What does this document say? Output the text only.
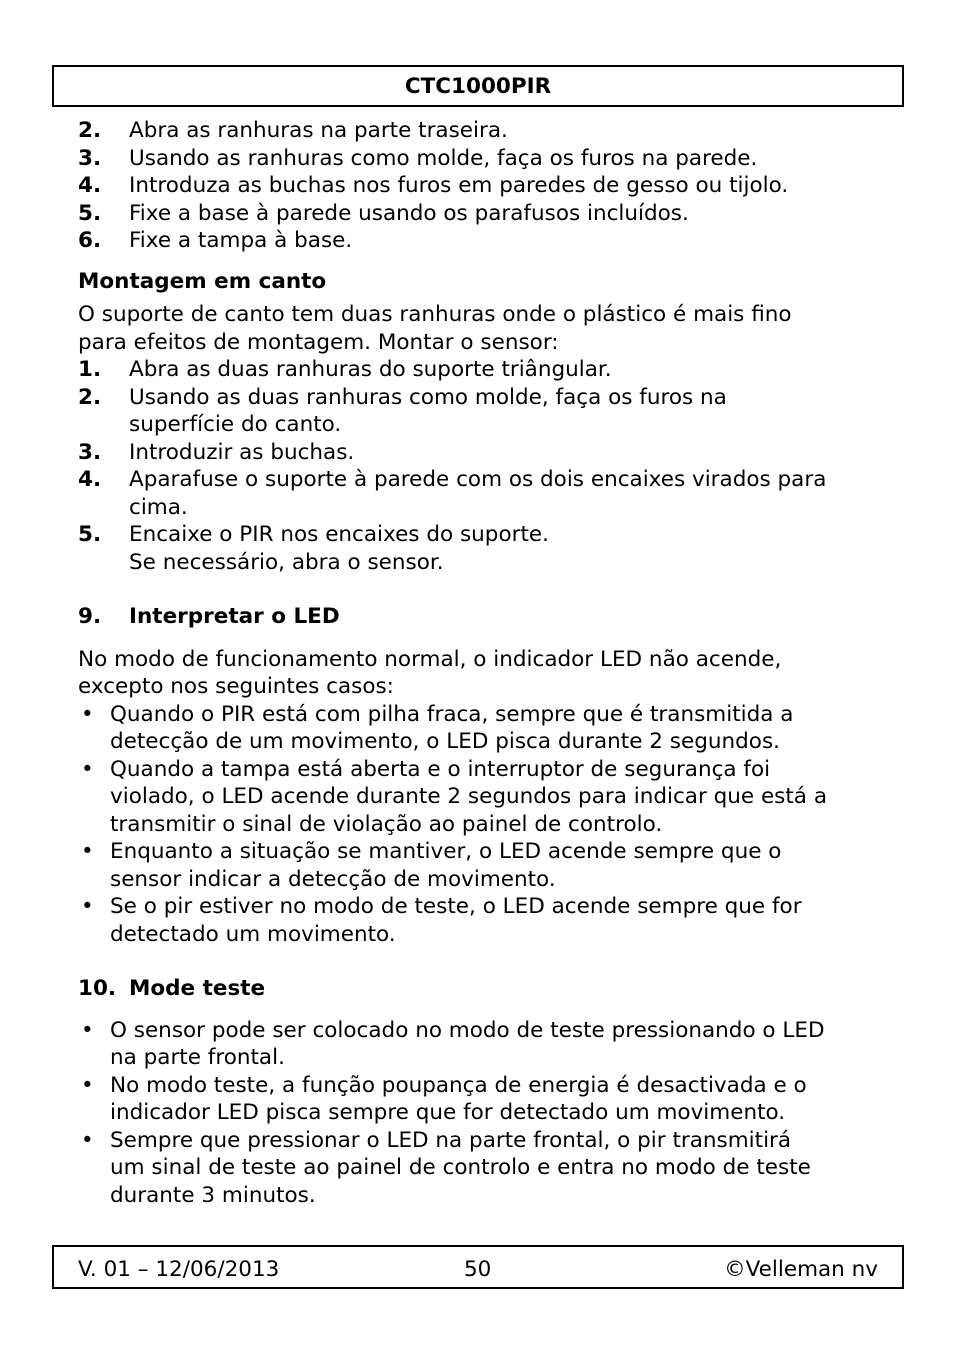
CTC1000PIR
2.	Abra as ranhuras na parte traseira.
3.	Usando as ranhuras como molde, faça os furos na parede.
4.	Introduza as buchas nos furos em paredes de gesso ou tijolo.
5.	Fixe a base à parede usando os parafusos incluídos.
6.	Fixe a tampa à base.
Montagem em canto
O suporte de canto tem duas ranhuras onde o plástico é mais fino
para efeitos de montagem. Montar o sensor:
1.	Abra as duas ranhuras do suporte triângular.
2.	Usando as duas ranhuras como molde, faça os furos na
superfície do canto.
3.	Introduzir as buchas.
4.	Aparafuse o suporte à parede com os dois encaixes virados para
cima.
5.	Encaixe o PIR nos encaixes do suporte.
Se necessário, abra o sensor.
9.	Interpretar o LED
No modo de funcionamento normal, o indicador LED não acende,
excepto nos seguintes casos:
• Quando o PIR está com pilha fraca, sempre que é transmitida a
detecção de um movimento, o LED pisca durante 2 segundos.
• Quando a tampa está aberta e o interruptor de segurança foi
violado, o LED acende durante 2 segundos para indicar que está a
transmitir o sinal de violação ao painel de controlo.
• Enquanto a situação se mantiver, o LED acende sempre que o
sensor indicar a detecção de movimento.
• Se o pir estiver no modo de teste, o LED acende sempre que for
detectado um movimento.
10. Mode teste
• O sensor pode ser colocado no modo de teste pressionando o LED
na parte frontal.
• No modo teste, a função poupança de energia é desactivada e o
indicador LED pisca sempre que for detectado um movimento.
• Sempre que pressionar o LED na parte frontal, o pir transmitirá
um sinal de teste ao painel de controlo e entra no modo de teste
durante 3 minutos.
V. 01 – 12/06/2013	50	©Velleman nv
